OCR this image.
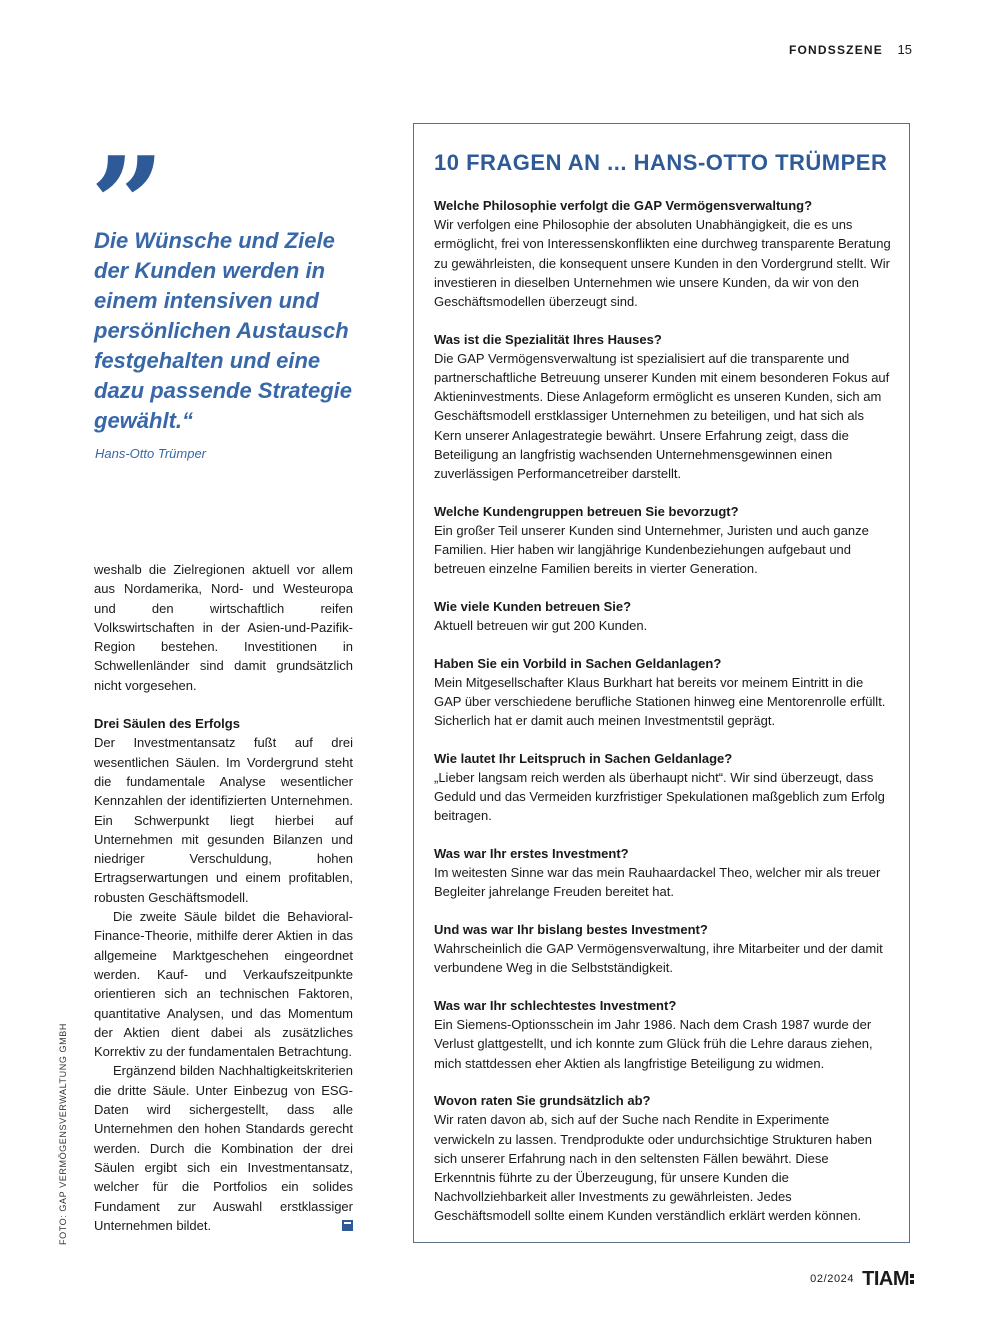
FONDSSZENE 15
”

Die Wünsche und Ziele der Kunden werden in einem intensiven und persönlichen Austausch festgehalten und eine dazu passende Strategie gewählt.“

Hans-Otto Trümper

weshalb die Zielregionen aktuell vor allem aus Nordamerika, Nord- und Westeuropa und den wirtschaftlich reifen Volkswirtschaften in der Asien-und-Pazifik-Region bestehen. Investitionen in Schwellenländer sind damit grundsätzlich nicht vorgesehen.

Drei Säulen des Erfolgs

Der Investmentansatz fußt auf drei wesentlichen Säulen. Im Vordergrund steht die fundamentale Analyse wesentlicher Kennzahlen der identifizierten Unternehmen. Ein Schwerpunkt liegt hierbei auf Unternehmen mit gesunden Bilanzen und niedriger Verschuldung, hohen Ertragserwartungen und einem profitablen, robusten Geschäftsmodell.

Die zweite Säule bildet die Behavioral-Finance-Theorie, mithilfe derer Aktien in das allgemeine Marktgeschehen eingeordnet werden. Kauf- und Verkaufszeitpunkte orientieren sich an technischen Faktoren, quantitative Analysen, und das Momentum der Aktien dient dabei als zusätzliches Korrektiv zu der fundamentalen Betrachtung.

Ergänzend bilden Nachhaltigkeitskriterien die dritte Säule. Unter Einbezug von ESG-Daten wird sichergestellt, dass alle Unternehmen den hohen Standards gerecht werden. Durch die Kombination der drei Säulen ergibt sich ein Investmentansatz, welcher für die Portfolios ein solides Fundament zur Auswahl erstklassiger Unternehmen bildet.

FOTO: GAP VERMÖGENSVERWALTUNG GMBH
10 FRAGEN AN ... HANS-OTTO TRÜMPER

Welche Philosophie verfolgt die GAP Vermögensverwaltung?

Wir verfolgen eine Philosophie der absoluten Unabhängigkeit, die es uns ermöglicht, frei von Interessenskonflikten eine durchweg transparente Beratung zu gewährleisten, die konsequent unsere Kunden in den Vordergrund stellt. Wir investieren in dieselben Unternehmen wie unsere Kunden, da wir von den Geschäftsmodellen überzeugt sind.

Was ist die Spezialität Ihres Hauses?

Die GAP Vermögensverwaltung ist spezialisiert auf die transparente und partnerschaftliche Betreuung unserer Kunden mit einem besonderen Fokus auf Aktieninvestments. Diese Anlageform ermöglicht es unseren Kunden, sich am Geschäftsmodell erstklassiger Unternehmen zu beteiligen, und hat sich als Kern unserer Anlagestrategie bewährt. Unsere Erfahrung zeigt, dass die Beteiligung an langfristig wachsenden Unternehmensgewinnen einen zuverlässigen Performancetreiber darstellt.

Welche Kundengruppen betreuen Sie bevorzugt?

Ein großer Teil unserer Kunden sind Unternehmer, Juristen und auch ganze Familien. Hier haben wir langjährige Kundenbeziehungen aufgebaut und betreuen einzelne Familien bereits in vierter Generation.

Wie viele Kunden betreuen Sie?

Aktuell betreuen wir gut 200 Kunden.

Haben Sie ein Vorbild in Sachen Geldanlagen?

Mein Mitgesellschafter Klaus Burkhart hat bereits vor meinem Eintritt in die GAP über verschiedene berufliche Stationen hinweg eine Mentorenrolle erfüllt. Sicherlich hat er damit auch meinen Investmentstil geprägt.

Wie lautet Ihr Leitspruch in Sachen Geldanlage?

„Lieber langsam reich werden als überhaupt nicht“. Wir sind überzeugt, dass Geduld und das Vermeiden kurzfristiger Spekulationen maßgeblich zum Erfolg beitragen.

Was war Ihr erstes Investment?

Im weitesten Sinne war das mein Rauhaardackel Theo, welcher mir als treuer Begleiter jahrelange Freuden bereitet hat.

Und was war Ihr bislang bestes Investment?

Wahrscheinlich die GAP Vermögensverwaltung, ihre Mitarbeiter und der damit verbundene Weg in die Selbstständigkeit.

Was war Ihr schlechtestes Investment?

Ein Siemens-Optionsschein im Jahr 1986. Nach dem Crash 1987 wurde der Verlust glattgestellt, und ich konnte zum Glück früh die Lehre daraus ziehen, mich stattdessen eher Aktien als langfristige Beteiligung zu widmen.

Wovon raten Sie grundsätzlich ab?

Wir raten davon ab, sich auf der Suche nach Rendite in Experimente verwickeln zu lassen. Trendprodukte oder undurchsichtige Strukturen haben sich unserer Erfahrung nach in den seltensten Fällen bewährt. Diese Erkenntnis führte zu der Überzeugung, für unsere Kunden die Nachvollziehbarkeit aller Investments zu gewährleisten. Jedes Geschäftsmodell sollte einem Kunden verständlich erklärt werden können.

02/2024 TIAM
